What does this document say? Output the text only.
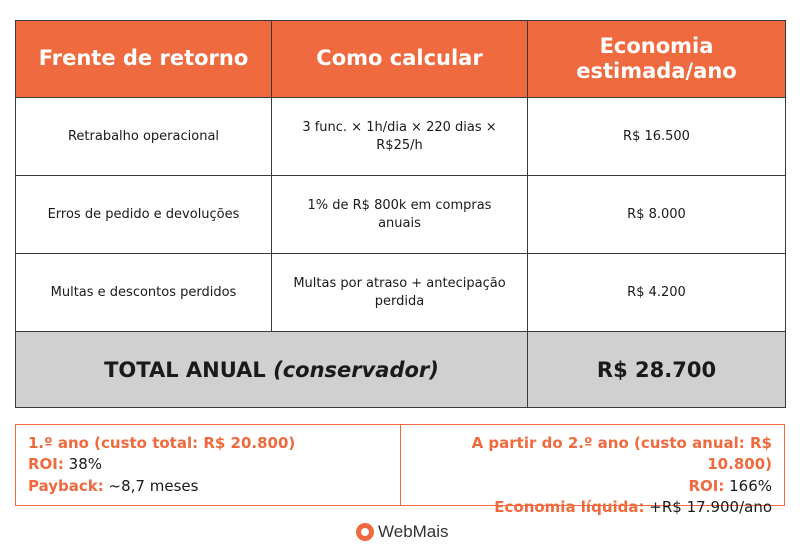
Frente de retorno	Como calcular	Economia estimada/ano
Retrabalho operacional	3 func. × 1h/dia × 220 dias × R$25/h	R$ 16.500
Erros de pedido e devoluções	1% de R$ 800k em compras anuais	R$ 8.000
Multas e descontos perdidos	Multas por atraso + antecipação perdida	R$ 4.200
TOTAL ANUAL (conservador)		R$ 28.700
1.º ano (custo total: R$ 20.800)
ROI: 38%
Payback: ~8,7 meses
A partir do 2.º ano (custo anual: R$ 10.800)
ROI: 166%
Economia líquida: +R$ 17.900/ano
WebMais
